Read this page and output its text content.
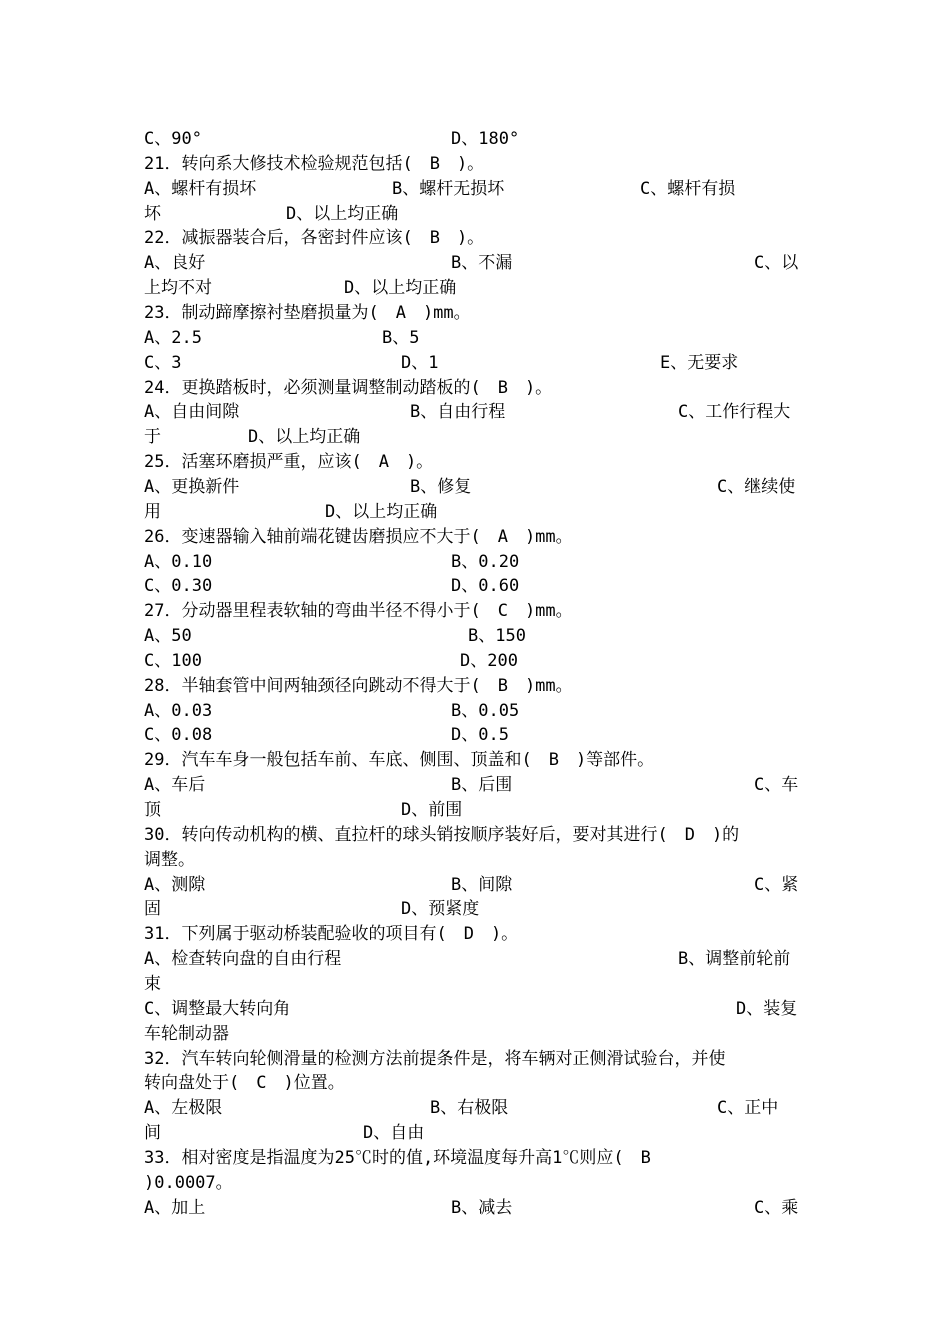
C、90°	D、180°
21．转向系大修技术检验规范包括(　B　)。
A、螺杆有损坏	B、螺杆无损坏	C、螺杆有损
坏	D、以上均正确
22．减振器装合后，各密封件应该(　B　)。
A、良好	B、不漏	C、以
上均不对	D、以上均正确
23．制动蹄摩擦衬垫磨损量为(　A　)mm。
A、2.5	B、5
C、3	D、1	E、无要求
24．更换踏板时，必须测量调整制动踏板的(　B　)。
A、自由间隙	B、自由行程	C、工作行程大
于	D、以上均正确
25．活塞环磨损严重，应该(　A　)。
A、更换新件	B、修复	C、继续使
用	D、以上均正确
26．变速器输入轴前端花键齿磨损应不大于(　A　)mm。
A、0.10	B、0.20
C、0.30	D、0.60
27．分动器里程表软轴的弯曲半径不得小于(　C　)mm。
A、50	B、150
C、100	D、200
28．半轴套管中间两轴颈径向跳动不得大于(　B　)mm。
A、0.03	B、0.05
C、0.08	D、0.5
29．汽车车身一般包括车前、车底、侧围、顶盖和(　B　)等部件。
A、车后	B、后围	C、车
顶	D、前围
30．转向传动机构的横、直拉杆的球头销按顺序装好后，要对其进行(　D　)的
调整。
A、测隙	B、间隙	C、紧
固	D、预紧度
31．下列属于驱动桥装配验收的项目有(　D　)。
A、检查转向盘的自由行程	B、调整前轮前
束
C、调整最大转向角	D、装复
车轮制动器
32．汽车转向轮侧滑量的检测方法前提条件是，将车辆对正侧滑试验台，并使
转向盘处于(　C　)位置。
A、左极限	B、右极限	C、正中
间	D、自由
33．相对密度是指温度为25℃时的值,环境温度每升高1℃则应(　B
)0.0007。
A、加上	B、减去	C、乘
